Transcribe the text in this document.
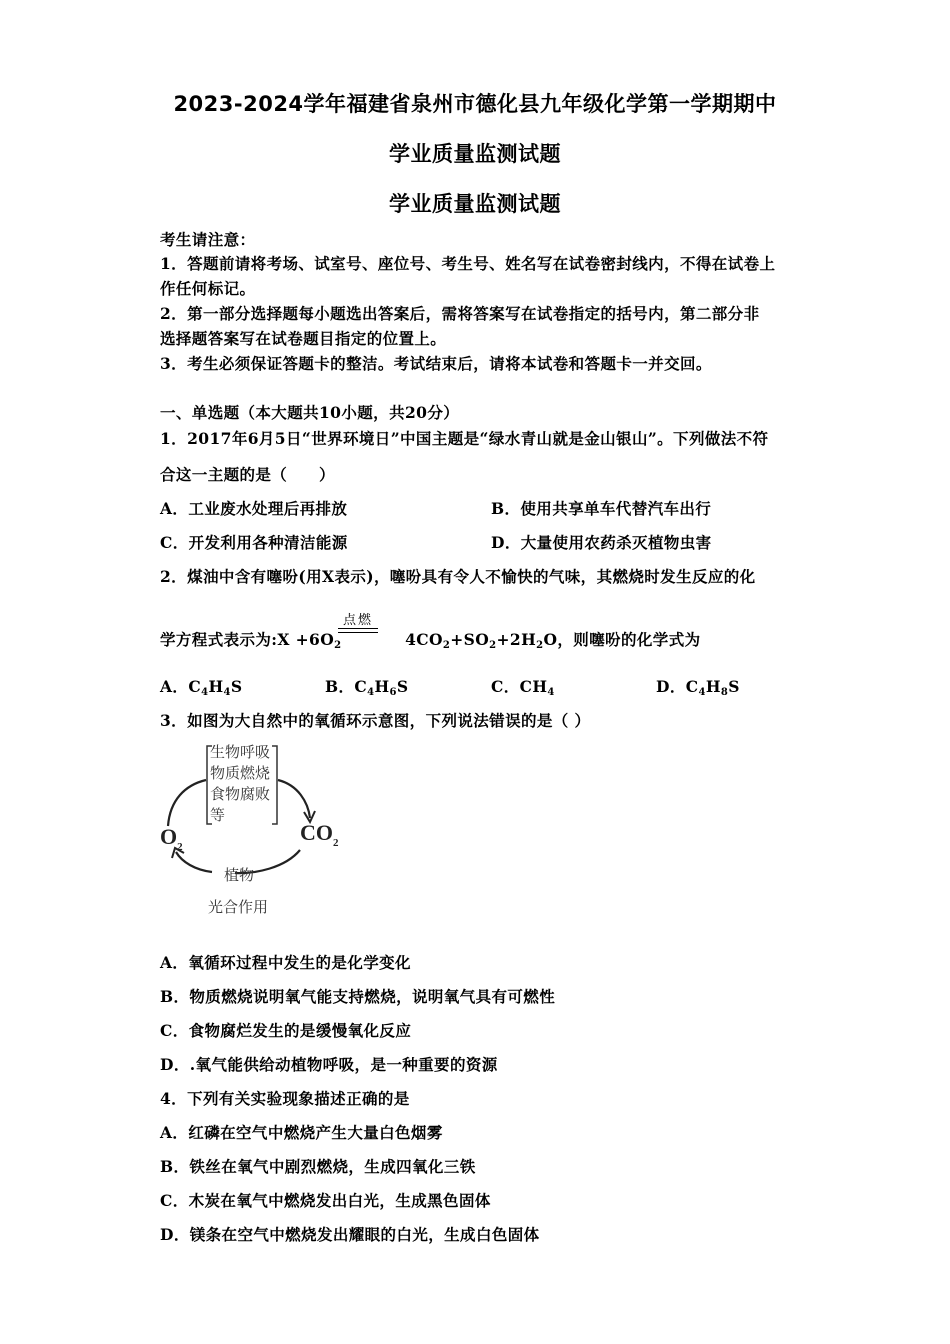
2023-2024学年福建省泉州市德化县九年级化学第一学期期中
学业质量监测试题
学业质量监测试题
考生请注意：
1．答题前请将考场、试室号、座位号、考生号、姓名写在试卷密封线内，不得在试卷上
作任何标记。
2．第一部分选择题每小题选出答案后，需将答案写在试卷指定的括号内，第二部分非
选择题答案写在试卷题目指定的位置上。
3．考生必须保证答题卡的整洁。考试结束后，请将本试卷和答题卡一并交回。
一、单选题（本大题共10小题，共20分）
1．2017年6月5日“世界环境日”中国主题是“绿水青山就是金山银山”。下列做法不符
合这一主题的是（　　）
A．工业废水处理后再排放	B．使用共享单车代替汽车出行
C．开发利用各种清洁能源	D．大量使用农药杀灭植物虫害
2．煤油中含有噻吩(用X表示)，噻吩具有令人不愉快的气味，其燃烧时发生反应的化
学方程式表示为:X $+6O_2$	$4CO_2+SO_2+2H_2O$，则噻吩的化学式为
点燃
A．$C_4H_4S$	B．$C_4H_6S$	C．$CH_4$	D．$C_4H_8S$
3．如图为大自然中的氧循环示意图，下列说法错误的是（ ）
生物呼吸
物质燃烧
食物腐败
等
$O_2$
$CO_2$
植物
光合作用
A．氧循环过程中发生的是化学变化
B．物质燃烧说明氧气能支持燃烧，说明氧气具有可燃性
C．食物腐烂发生的是缓慢氧化反应
D．.氧气能供给动植物呼吸，是一种重要的资源
4．下列有关实验现象描述正确的是
A．红磷在空气中燃烧产生大量白色烟雾
B．铁丝在氧气中剧烈燃烧，生成四氧化三铁
C．木炭在氧气中燃烧发出白光，生成黑色固体
D．镁条在空气中燃烧发出耀眼的白光，生成白色固体
